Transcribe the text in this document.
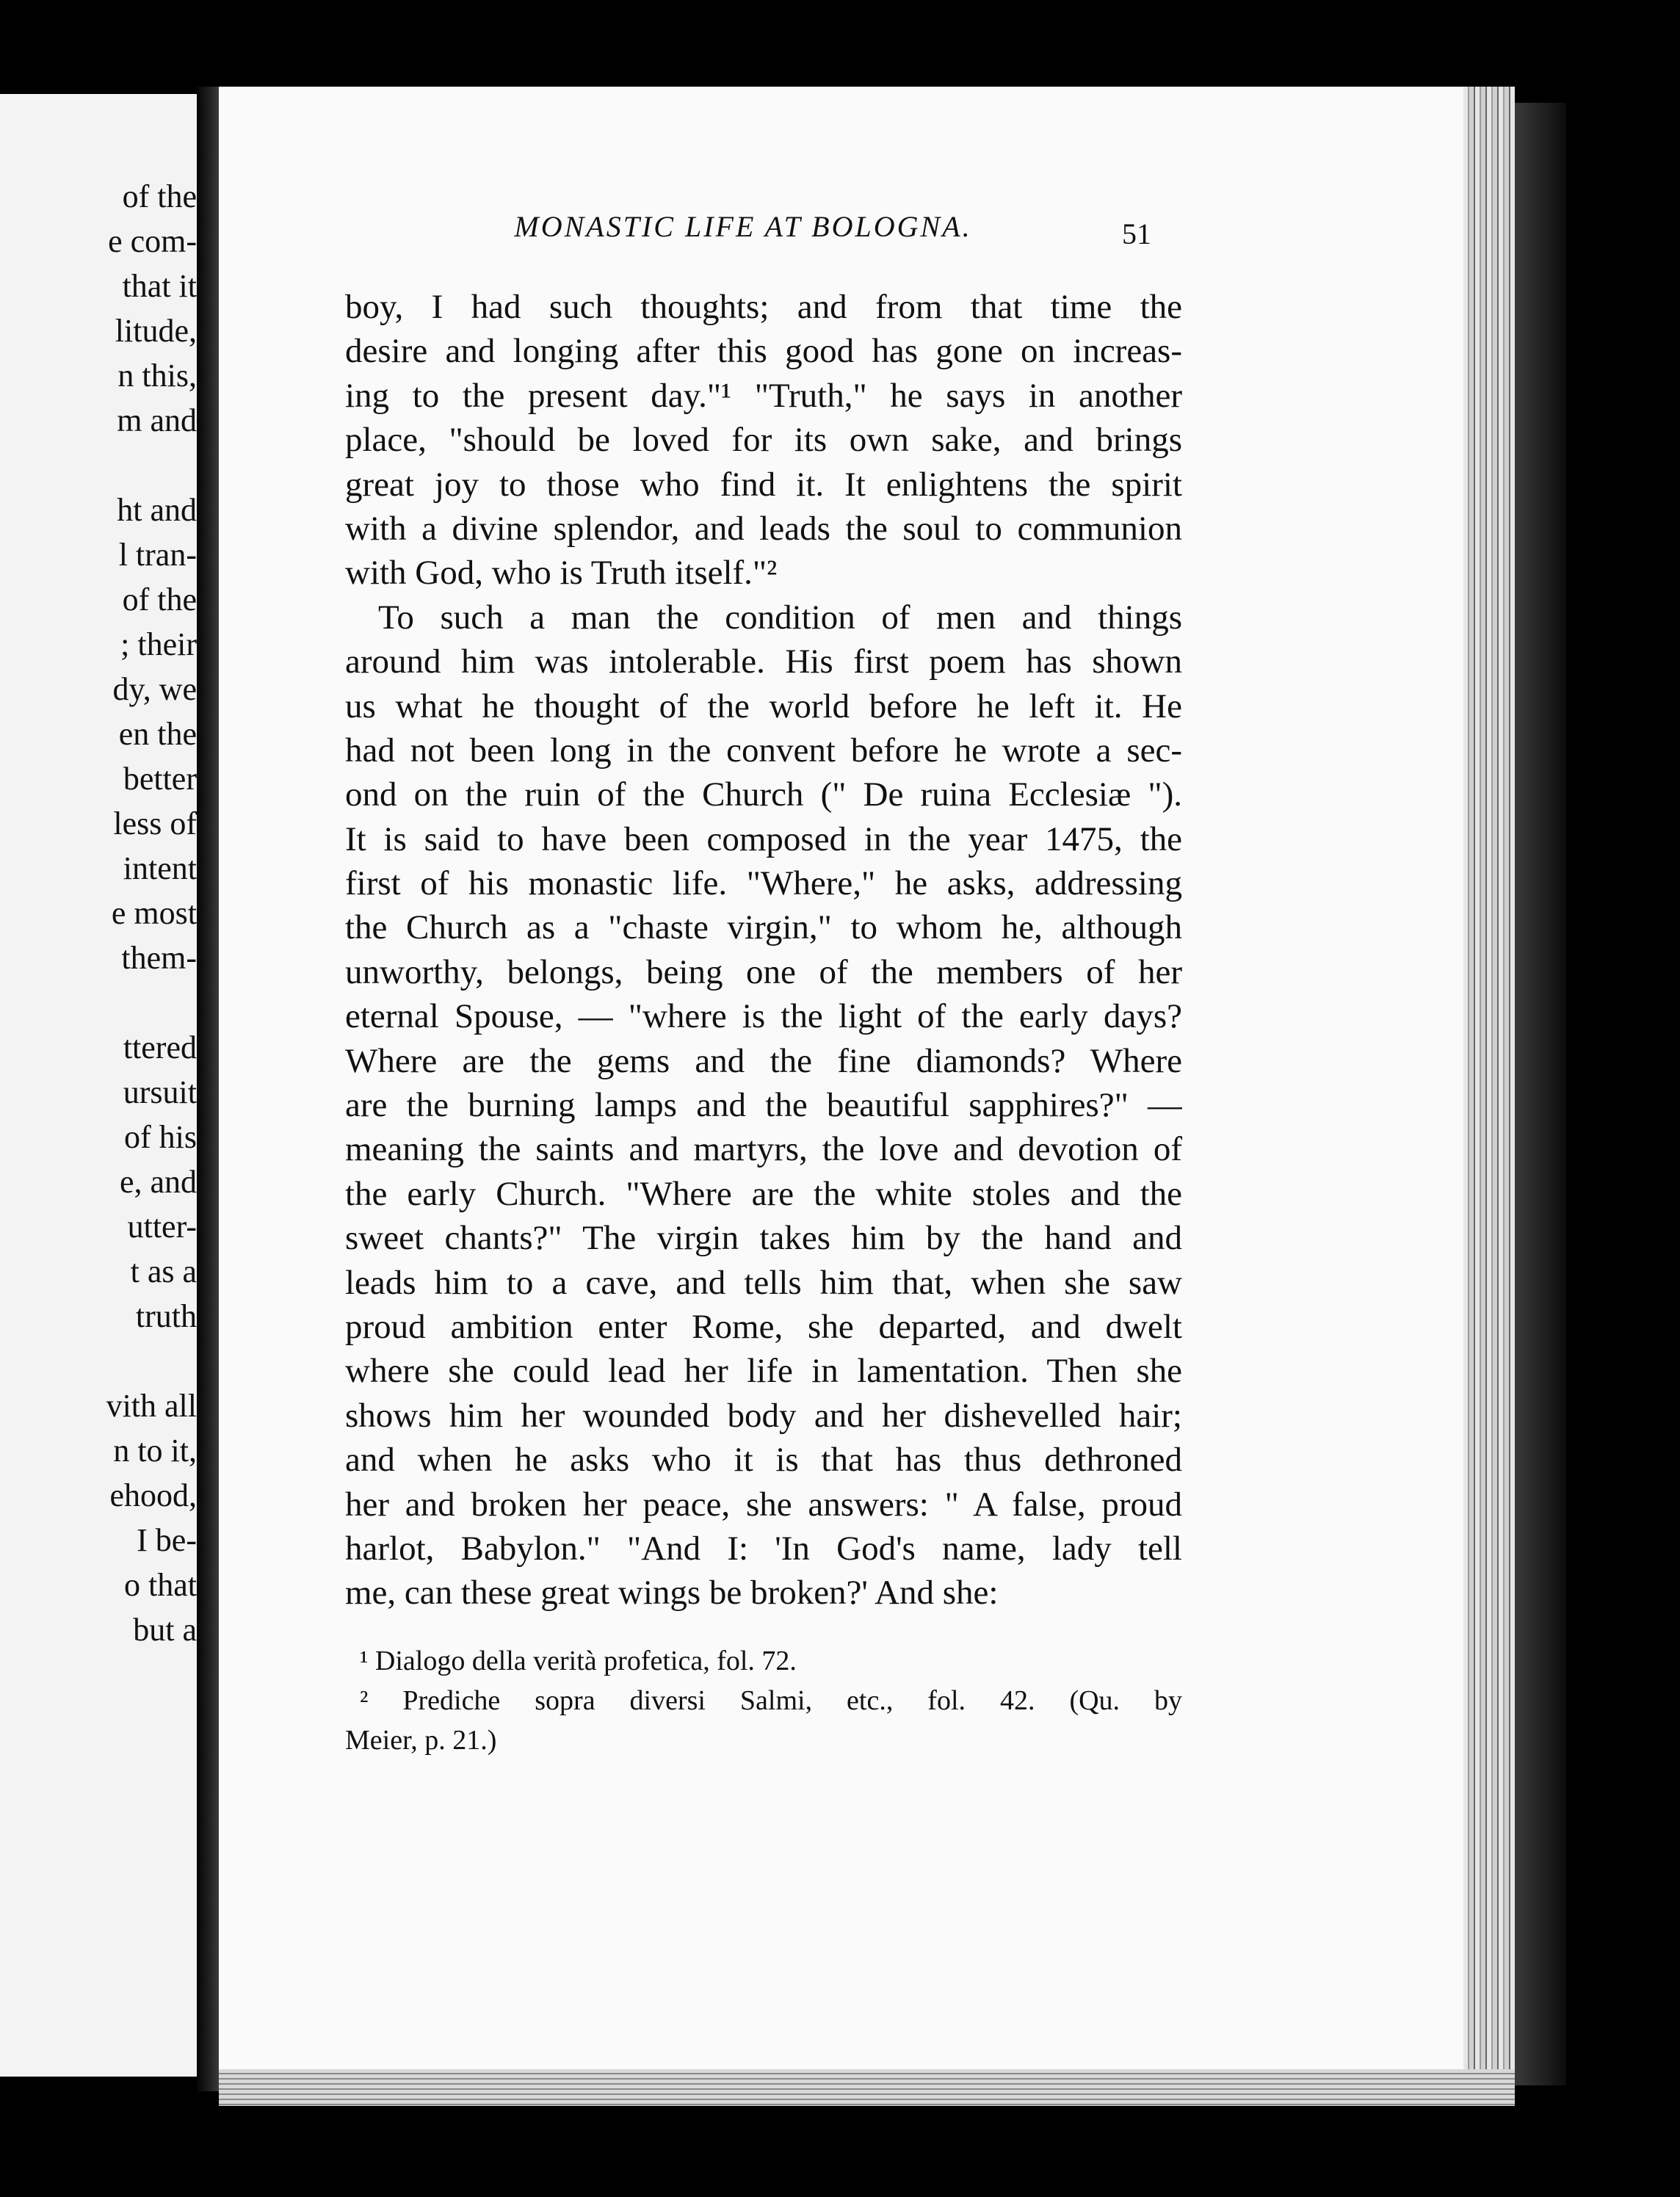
of the
e com-
that it
litude,
n this,
m and
ht and
l tran-
of the
; their
dy, we
en the
better
less of
intent
e most
them-
ttered
ursuit
of his
e, and
utter-
t as a
truth
vith all
n to it,
ehood,
I be-
o that
but a
MONASTIC LIFE AT BOLOGNA.	51
boy, I had such thoughts; and from that time the
desire and longing after this good has gone on increas-
ing to the present day."¹ "Truth," he says in another
place, "should be loved for its own sake, and brings
great joy to those who find it. It enlightens the spirit
with a divine splendor, and leads the soul to communion
with God, who is Truth itself."²
To such a man the condition of men and things
around him was intolerable. His first poem has shown
us what he thought of the world before he left it. He
had not been long in the convent before he wrote a sec-
ond on the ruin of the Church (" De ruina Ecclesiæ ").
It is said to have been composed in the year 1475, the
first of his monastic life. "Where," he asks, addressing
the Church as a "chaste virgin," to whom he, although
unworthy, belongs, being one of the members of her
eternal Spouse, — "where is the light of the early days?
Where are the gems and the fine diamonds? Where
are the burning lamps and the beautiful sapphires?" —
meaning the saints and martyrs, the love and devotion of
the early Church. "Where are the white stoles and the
sweet chants?" The virgin takes him by the hand and
leads him to a cave, and tells him that, when she saw
proud ambition enter Rome, she departed, and dwelt
where she could lead her life in lamentation. Then she
shows him her wounded body and her dishevelled hair;
and when he asks who it is that has thus dethroned
her and broken her peace, she answers: " A false, proud
harlot, Babylon." "And I: 'In God's name, lady tell
me, can these great wings be broken?' And she:
¹ Dialogo della verità profetica, fol. 72.
² Prediche sopra diversi Salmi, etc., fol. 42. (Qu. by
Meier, p. 21.)
